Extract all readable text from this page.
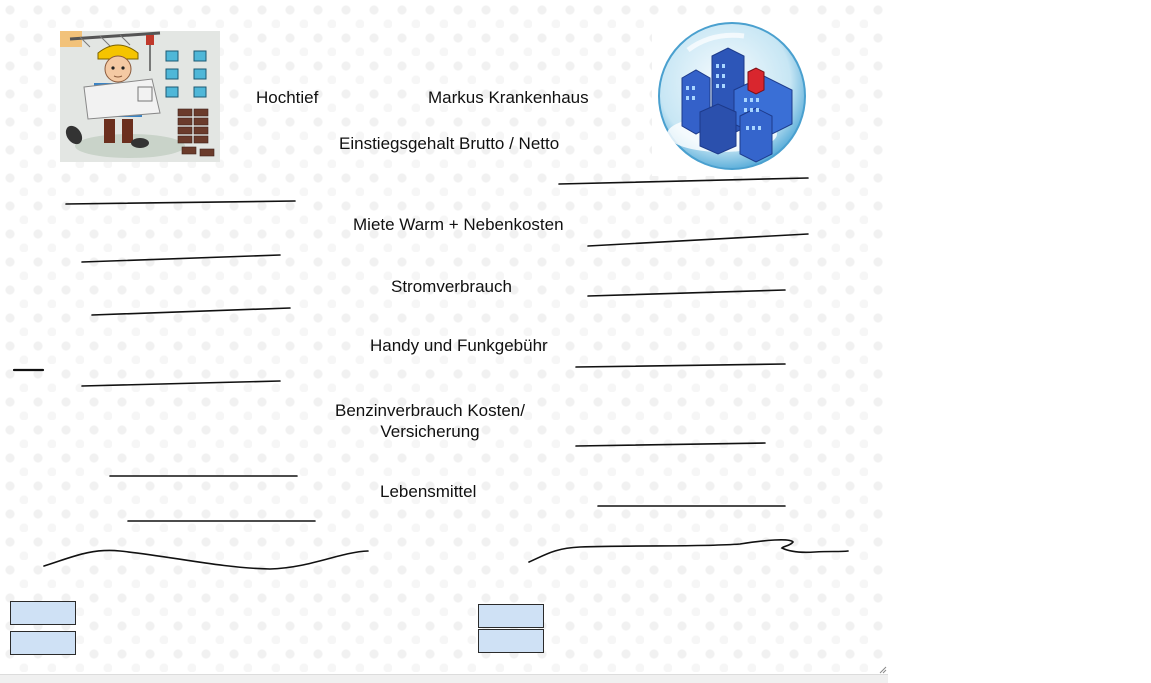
Hochtief	Markus Krankenhaus
Einstiegsgehalt Brutto / Netto
Miete Warm + Nebenkosten
Stromverbrauch
Handy und Funkgebühr
Benzinverbrauch Kosten/
Versicherung
Lebensmittel
